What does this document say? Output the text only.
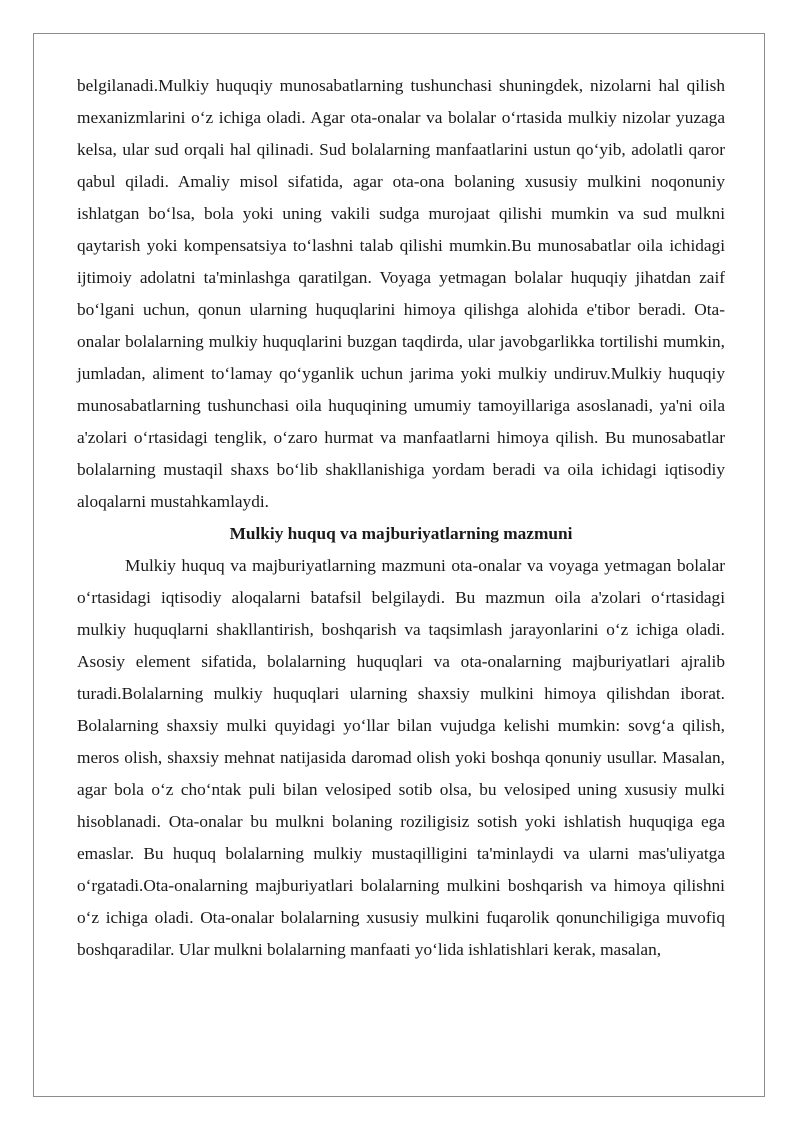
belgilanadi.Mulkiy huquqiy munosabatlarning tushunchasi shuningdek, nizolarni hal qilish mexanizmlarini o‘z ichiga oladi. Agar ota-onalar va bolalar o‘rtasida mulkiy nizolar yuzaga kelsa, ular sud orqali hal qilinadi. Sud bolalarning manfaatlarini ustun qo‘yib, adolatli qaror qabul qiladi. Amaliy misol sifatida, agar ota-ona bolaning xususiy mulkini noqonuniy ishlatgan bo‘lsa, bola yoki uning vakili sudga murojaat qilishi mumkin va sud mulkni qaytarish yoki kompensatsiya to‘lashni talab qilishi mumkin.Bu munosabatlar oila ichidagi ijtimoiy adolatni ta'minlashga qaratilgan. Voyaga yetmagan bolalar huquqiy jihatdan zaif bo‘lgani uchun, qonun ularning huquqlarini himoya qilishga alohida e'tibor beradi. Ota-onalar bolalarning mulkiy huquqlarini buzgan taqdirda, ular javobgarlikka tortilishi mumkin, jumladan, aliment to‘lamay qo‘yganlik uchun jarima yoki mulkiy undiruv.Mulkiy huquqiy munosabatlarning tushunchasi oila huquqining umumiy tamoyillariga asoslanadi, ya'ni oila a'zolari o‘rtasidagi tenglik, o‘zaro hurmat va manfaatlarni himoya qilish. Bu munosabatlar bolalarning mustaqil shaxs bo‘lib shakllanishiga yordam beradi va oila ichidagi iqtisodiy aloqalarni mustahkamlaydi.

Mulkiy huquq va majburiyatlarning mazmuni

Mulkiy huquq va majburiyatlarning mazmuni ota-onalar va voyaga yetmagan bolalar o‘rtasidagi iqtisodiy aloqalarni batafsil belgilaydi. Bu mazmun oila a'zolari o‘rtasidagi mulkiy huquqlarni shakllantirish, boshqarish va taqsimlash jarayonlarini o‘z ichiga oladi. Asosiy element sifatida, bolalarning huquqlari va ota-onalarning majburiyatlari ajralib turadi.Bolalarning mulkiy huquqlari ularning shaxsiy mulkini himoya qilishdan iborat. Bolalarning shaxsiy mulki quyidagi yo‘llar bilan vujudga kelishi mumkin: sovg‘a qilish, meros olish, shaxsiy mehnat natijasida daromad olish yoki boshqa qonuniy usullar. Masalan, agar bola o‘z cho‘ntak puli bilan velosiped sotib olsa, bu velosiped uning xususiy mulki hisoblanadi. Ota-onalar bu mulkni bolaning roziligisiz sotish yoki ishlatish huquqiga ega emaslar. Bu huquq bolalarning mulkiy mustaqilligini ta'minlaydi va ularni mas'uliyatga o‘rgatadi.Ota-onalarning majburiyatlari bolalarning mulkini boshqarish va himoya qilishni o‘z ichiga oladi. Ota-onalar bolalarning xususiy mulkini fuqarolik qonunchiligiga muvofiq boshqaradilar. Ular mulkni bolalarning manfaati yo‘lida ishlatishlari kerak, masalan,
